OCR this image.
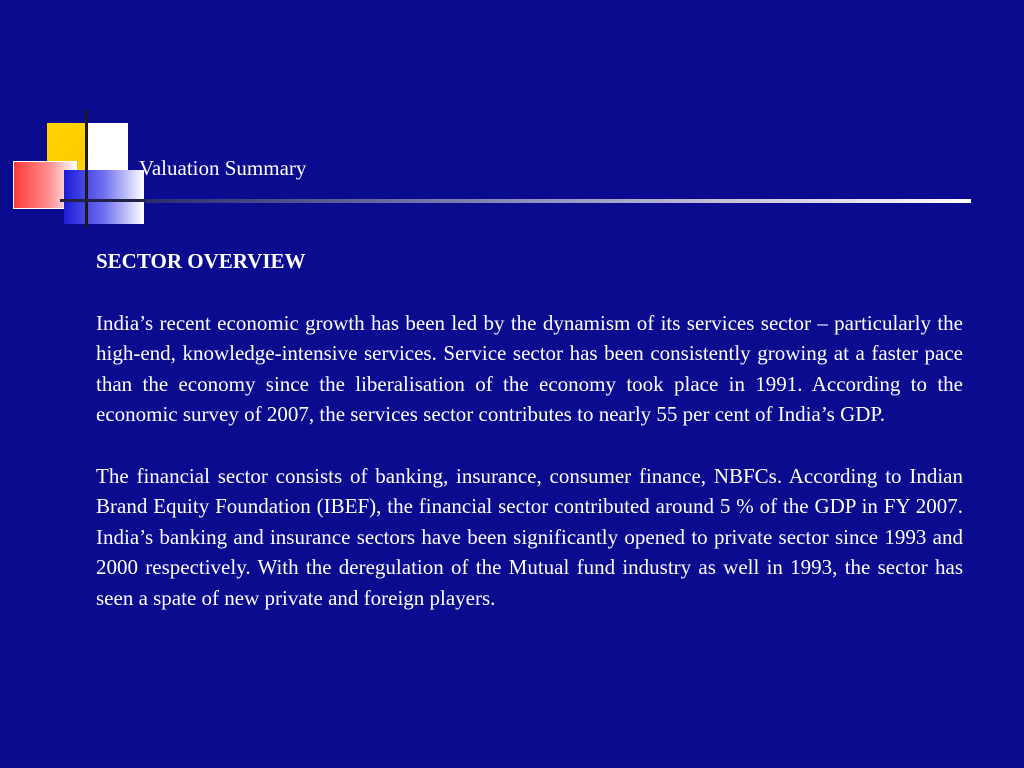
Valuation Summary
SECTOR OVERVIEW

India’s recent economic growth has been led by the dynamism of its services sector – particularly the high-end, knowledge-intensive services. Service sector has been consistently growing at a faster pace than the economy since the liberalisation of the economy took place in 1991. According to the economic survey of 2007, the services sector contributes to nearly 55 per cent of India’s GDP.

The financial sector consists of banking, insurance, consumer finance, NBFCs. According to Indian Brand Equity Foundation (IBEF), the financial sector contributed around 5 % of the GDP in FY 2007. India’s banking and insurance sectors have been significantly opened to private sector since 1993 and 2000 respectively. With the deregulation of the Mutual fund industry as well in 1993, the sector has seen a spate of new private and foreign players.
